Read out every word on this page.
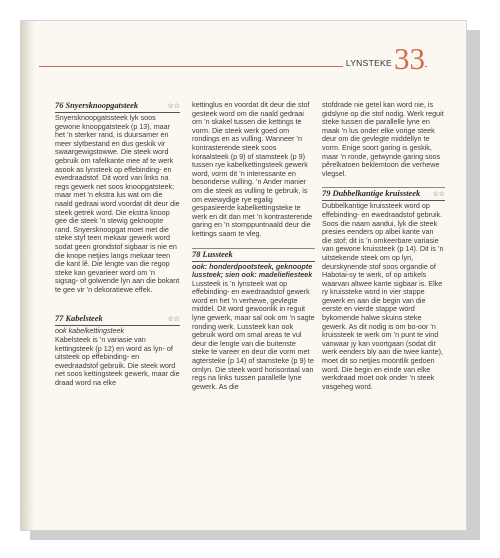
LYNSTEKE 33
76 Snyersknoopgatsteek	☆☆

Snyersknoopgatssteek lyk soos gewone knoopgatsteek (p 13), maar het ’n sterker rand, is duursamer en meer slytbestand en dus geskik vir swaargewigstowwe. Die steek word gebruik om rafelkante mee af te werk asook as lynsteek op effebinding- en ewedraadstof. Dit word van links na regs gewerk net soos knoopgatsteek; maar met ’n ekstra lus wat om die naald gedraai word voordat dit deur die steek getrek word. Die ekstra knoop gee die steek ’n stewig geknoopte rand. Snyersknoopgat moet met die steke styf teen mekaar gewerk word sodat geen grondstof sigbaar is nie en die knope netjies langs mekaar teen die kant lê. Die lengte van die regop steke kan gevarieer word om ’n sigsag- of golwende lyn aan die bokant te gee vir ’n dekoratiewe effek.

77 Kabelsteek	☆☆

ook kabelkettingsteek

Kabelsteek is ’n variasie van kettingsteek (p 12) en word as lyn- of uitsteek op effebinding- en ewedraadstof gebruik. Die steek word net soos kettingsteek gewerk, maar die draad word na elke

kettinglus en voordat dit deur die stof gesteek word om die naald gedraai om ’n skakel tussen die kettings te vorm. Die steek werk goed om rondings en as vulling. Wanneer ’n kontrasterende steek soos koraalsteek (p 9) of stamsteek (p 9) tussen rye kabelkettingsteek gewerk word, vorm dit ’n interessante en besonderse vulling. ’n Ander manier om die steek as vulling te gebruik, is om ewewydige rye egalig gespasieerde kabelkettingsteke te werk en dit dan met ’n kontrasterende garing en ’n stomppuntnaald deur die kettings saam te vleg.

78 Lussteek

ook: honderdpootsteek, geknoopte lussteek; sien ook: madeliefiesteek

Lussteek is ’n lynsteek wat op effebinding- en ewedraadstof gewerk word en het ’n verhewe, gevlegte middel. Dit word gewoonlik in reguit lyne gewerk, maar sal ook om ’n sagte ronding werk. Lussteek kan ook gebruik word om smal areas te vul deur die lengte van die buitenste steke te vareer en deur die vorm met agtersteke (p 14) of stamsteke (p 9) te omlyn. Die steek word horisontaal van regs na links tussen parallelle lyne gewerk. As die

stofdrade nie getel kan word nie, is gidslyne op die stof nodig. Werk reguit steke tussen die parallelle lyne en maak ’n lus onder elke vorige steek deur om die gevlegte middellyn te vorm. Enige soort garing is geskik, maar ’n ronde, getwynde garing soos pêrelkatoen beklemtoon die verhewe vlegsel.

79 Dubbelkantige kruissteek ☆☆

Dubbelkantige kruissteek word op effebinding- en ewedraadstof gebruik. Soos die naam aandui, lyk die steek presies eenders op albei kante van die stof; dit is ’n omkeerbare variasie van gewone kruissteek (p 14). Dit is ’n uitstekende steek om op lyn, deurskynende stof soos organdie of Habotai-sy te werk, of op artikels waarvan altwee kante sigbaar is. Elke ry kruissteke word in vier stappe gewerk en aan die begin van die eerste en vierde stappe word bykomende halwe skuins steke gewerk. As dit nodig is om bo-oor ’n kruissteek te werk om ’n punt te vind vanwaar jy kan voortgaan (sodat dit werk eenders bly aan die twee kante), moet dit so netjies moontlik gedoen word. Die begin en einde van elke werkdraad moet ook onder ’n steek vasgeheg word.
